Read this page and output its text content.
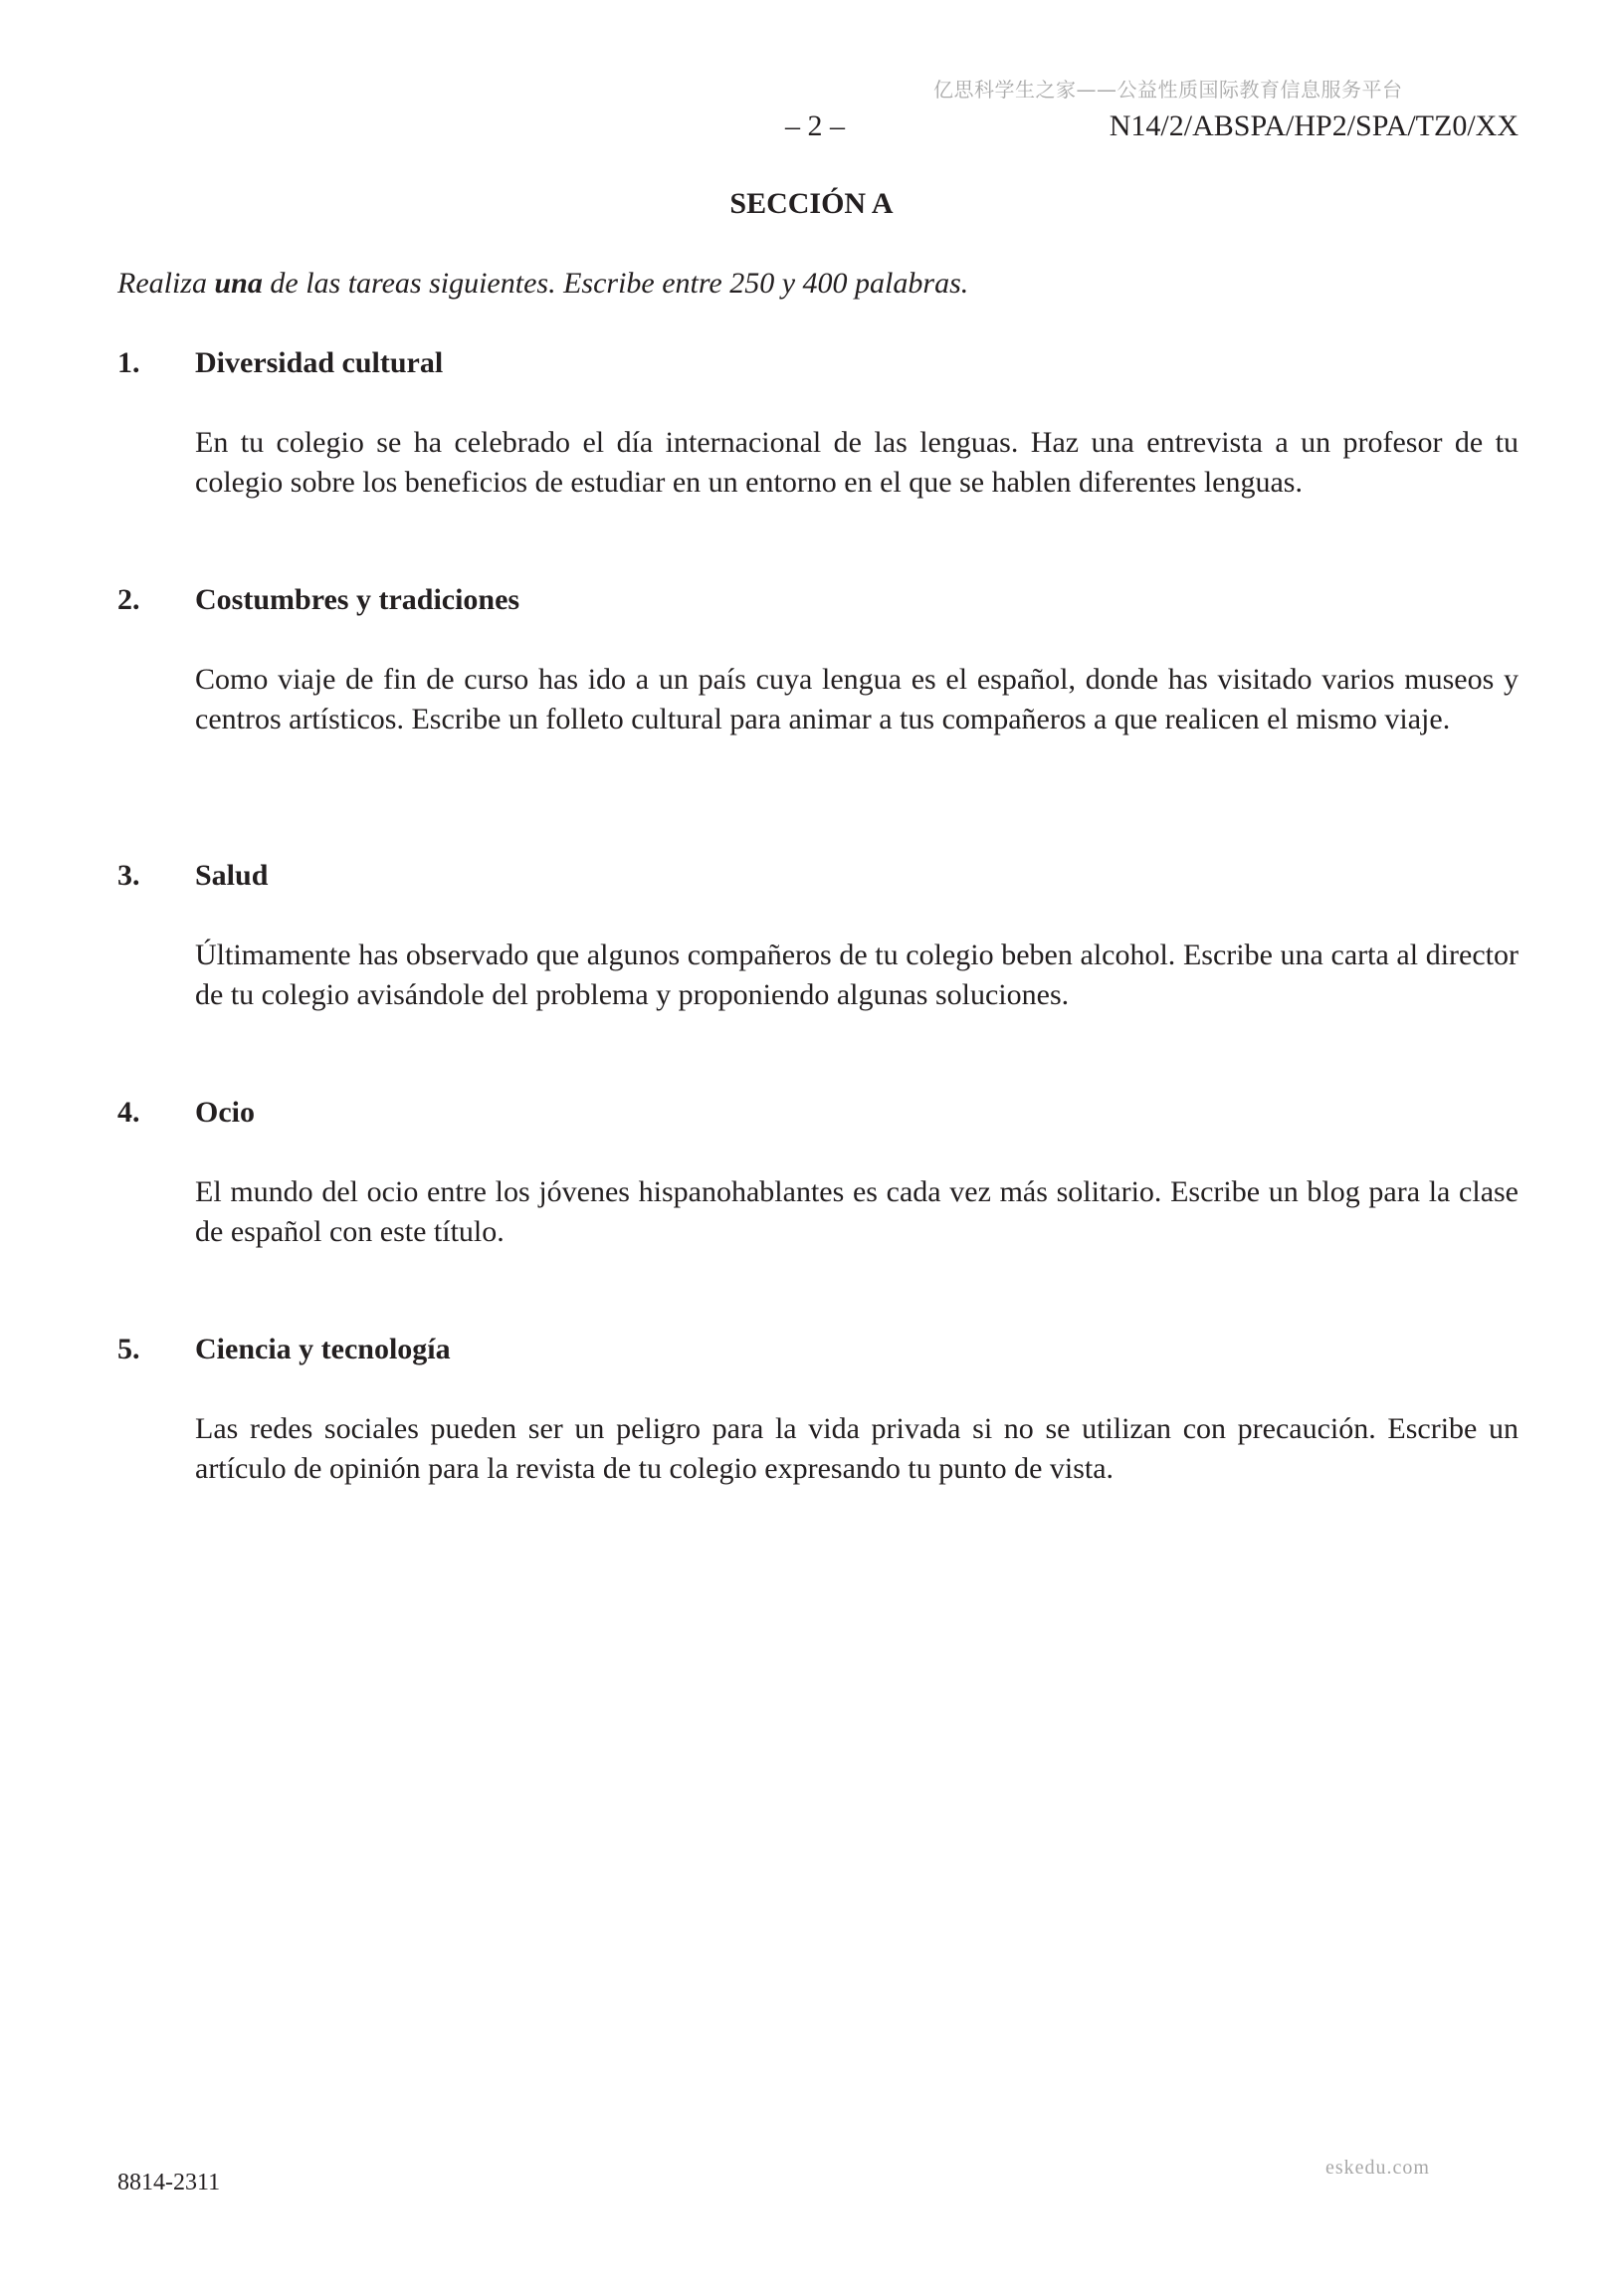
亿思科学生之家——公益性质国际教育信息服务平台
– 2 –	N14/2/ABSPA/HP2/SPA/TZ0/XX
SECCIÓN A
Realiza una de las tareas siguientes. Escribe entre 250 y 400 palabras.
1.	Diversidad cultural
En tu colegio se ha celebrado el día internacional de las lenguas. Haz una entrevista a un profesor de tu colegio sobre los beneficios de estudiar en un entorno en el que se hablen diferentes lenguas.
2.	Costumbres y tradiciones
Como viaje de fin de curso has ido a un país cuya lengua es el español, donde has visitado varios museos y centros artísticos. Escribe un folleto cultural para animar a tus compañeros a que realicen el mismo viaje.
3.	Salud
Últimamente has observado que algunos compañeros de tu colegio beben alcohol. Escribe una carta al director de tu colegio avisándole del problema y proponiendo algunas soluciones.
4.	Ocio
El mundo del ocio entre los jóvenes hispanohablantes es cada vez más solitario. Escribe un blog para la clase de español con este título.
5.	Ciencia y tecnología
Las redes sociales pueden ser un peligro para la vida privada si no se utilizan con precaución. Escribe un artículo de opinión para la revista de tu colegio expresando tu punto de vista.
8814-2311
eskedu.com
